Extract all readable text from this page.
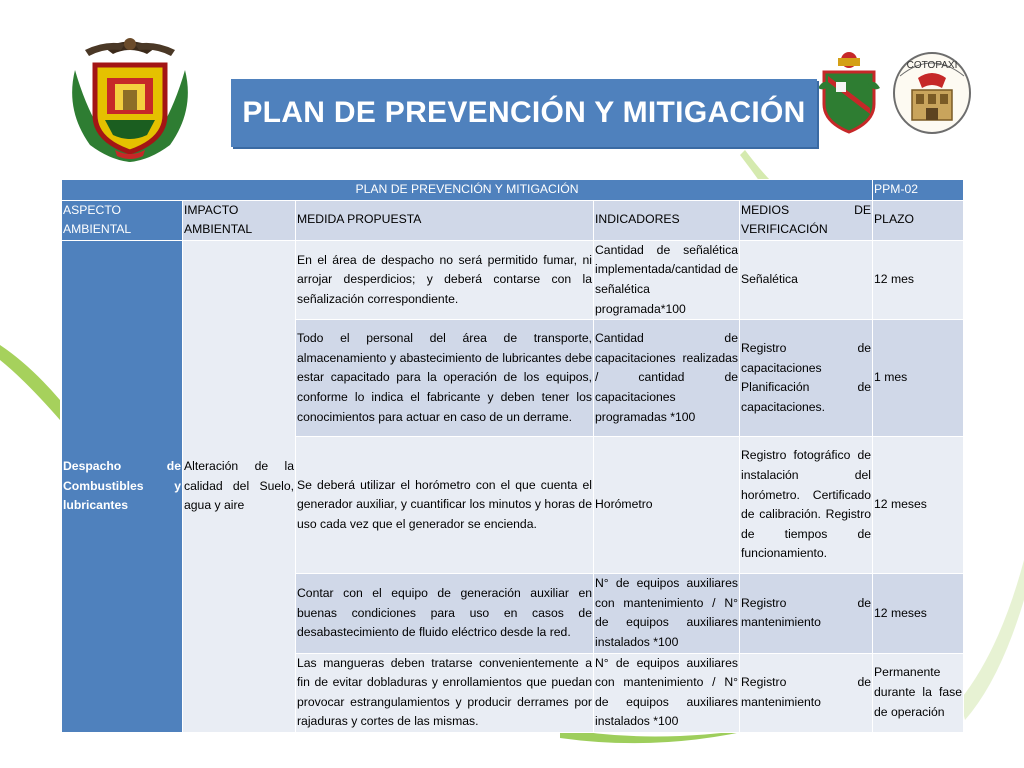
COTOPAXI
PLAN DE PREVENCIÓN Y MITIGACIÓN
PLAN DE PREVENCIÓN Y MITIGACIÓN					PPM-02
ASPECTO AMBIENTAL	IMPACTO AMBIENTAL	MEDIDA PROPUESTA	INDICADORES	MEDIOS DE VERIFICACIÓN	PLAZO
Despacho de Combustibles y lubricantes	Alteración de la calidad del Suelo, agua y aire	En el área de despacho no será permitido fumar, ni arrojar desperdicios; y deberá contarse con la señalización correspondiente.	Cantidad de señalética implementada/cantidad de señalética programada*100	Señalética	12 mes
		Todo el personal del área de transporte, almacenamiento y abastecimiento de lubricantes debe estar capacitado para la operación de los equipos, conforme lo indica el fabricante y deben tener los conocimientos para actuar en caso de un derrame.	Cantidad de capacitaciones realizadas / cantidad de capacitaciones programadas *100	Registro de capacitaciones Planificación de capacitaciones.	1 mes
		Se deberá utilizar el horómetro con el que cuenta el generador auxiliar, y cuantificar los minutos y horas de uso cada vez que el generador se encienda.	Horómetro	Registro fotográfico de instalación del horómetro. Certificado de calibración. Registro de tiempos de funcionamiento.	12 meses
		Contar con el equipo de generación auxiliar en buenas condiciones para uso en casos de desabastecimiento de fluido eléctrico desde la red.	N° de equipos auxiliares con mantenimiento / N° de equipos auxiliares instalados *100	Registro de mantenimiento	12 meses
		Las mangueras deben tratarse convenientemente a fin de evitar dobladuras y enrollamientos que puedan provocar estrangulamientos y producir derrames por rajaduras y cortes de las mismas.	N° de equipos auxiliares con mantenimiento / N° de equipos auxiliares instalados *100	Registro de mantenimiento	Permanente durante la fase de operación
